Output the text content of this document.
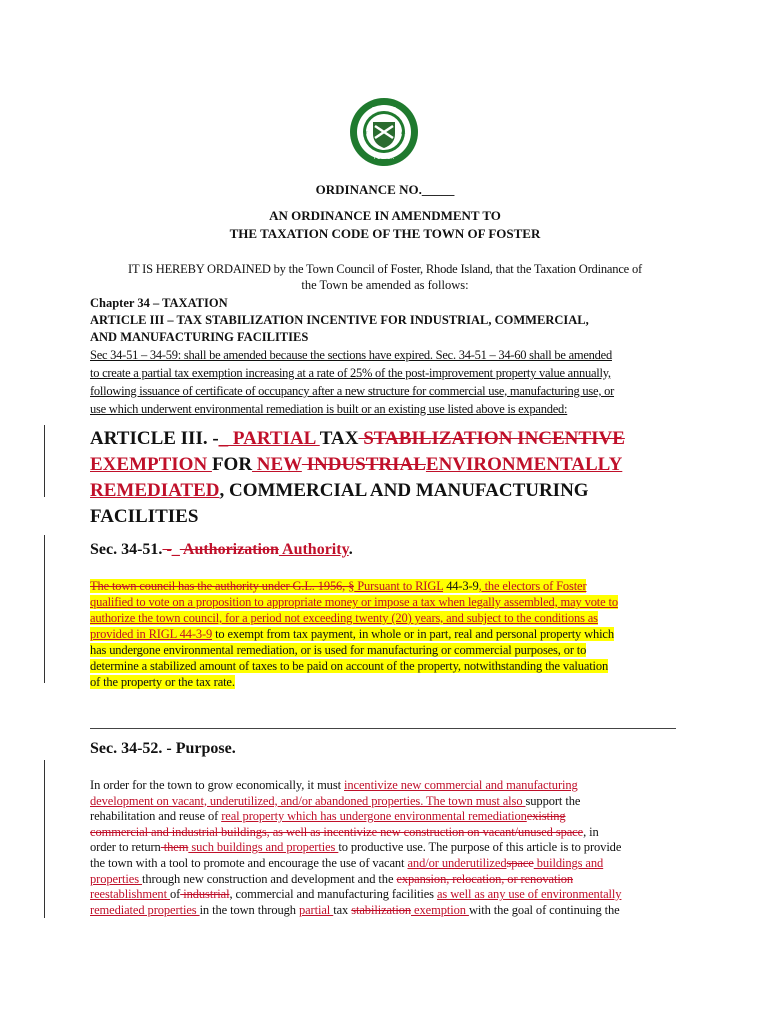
TOWN OF
FOSTER
17	81
ORDINANCE NO._____
AN ORDINANCE IN AMENDMENT TO
THE TAXATION CODE OF THE TOWN OF FOSTER
IT IS HEREBY ORDAINED by the Town Council of Foster, Rhode Island, that the Taxation Ordinance of
the Town be amended as follows:
Chapter 34 – TAXATION
ARTICLE III – TAX STABILIZATION INCENTIVE FOR INDUSTRIAL, COMMERCIAL,
AND MANUFACTURING FACILITIES
Sec 34-51 – 34-59: shall be amended because the sections have expired. Sec. 34-51 – 34-60 shall be amended
to create a partial tax exemption increasing at a rate of 25% of the post-improvement property value annually,
following issuance of certificate of occupancy after a new structure for commercial use, manufacturing use, or
use which underwent environmental remediation is built or an existing use listed above is expanded:
ARTICLE III. -_ PARTIAL TAX STABILIZATION INCENTIVE
EXEMPTION FOR NEW INDUSTRIALENVIRONMENTALLY
REMEDIATED, COMMERCIAL AND MANUFACTURING
FACILITIES
Sec. 34-51. -_ Authorization Authority.
The town council has the authority under G.L. 1956, § Pursuant to RIGL 44-3-9, the electors of Foster
qualified to vote on a proposition to appropriate money or impose a tax when legally assembled, may vote to
authorize the town council, for a period not exceeding twenty (20) years, and subject to the conditions as
provided in RIGL 44-3-9 to exempt from tax payment, in whole or in part, real and personal property which
has undergone environmental remediation, or is used for manufacturing or commercial purposes, or to
determine a stabilized amount of taxes to be paid on account of the property, notwithstanding the valuation
of the property or the tax rate.
Sec. 34-52. - Purpose.
In order for the town to grow economically, it must incentivize new commercial and manufacturing
development on vacant, underutilized, and/or abandoned properties. The town must also support the
rehabilitation and reuse of real property which has undergone environmental remediationexisting
commercial and industrial buildings, as well as incentivize new construction on vacant/unused space, in
order to return them such buildings and properties to productive use. The purpose of this article is to provide
the town with a tool to promote and encourage the use of vacant and/or underutilizedspace buildings and
properties through new construction and development and the expansion, relocation, or renovation
reestablishment of industrial, commercial and manufacturing facilities as well as any use of environmentally
remediated properties in the town through partial tax stabilization exemption with the goal of continuing the
